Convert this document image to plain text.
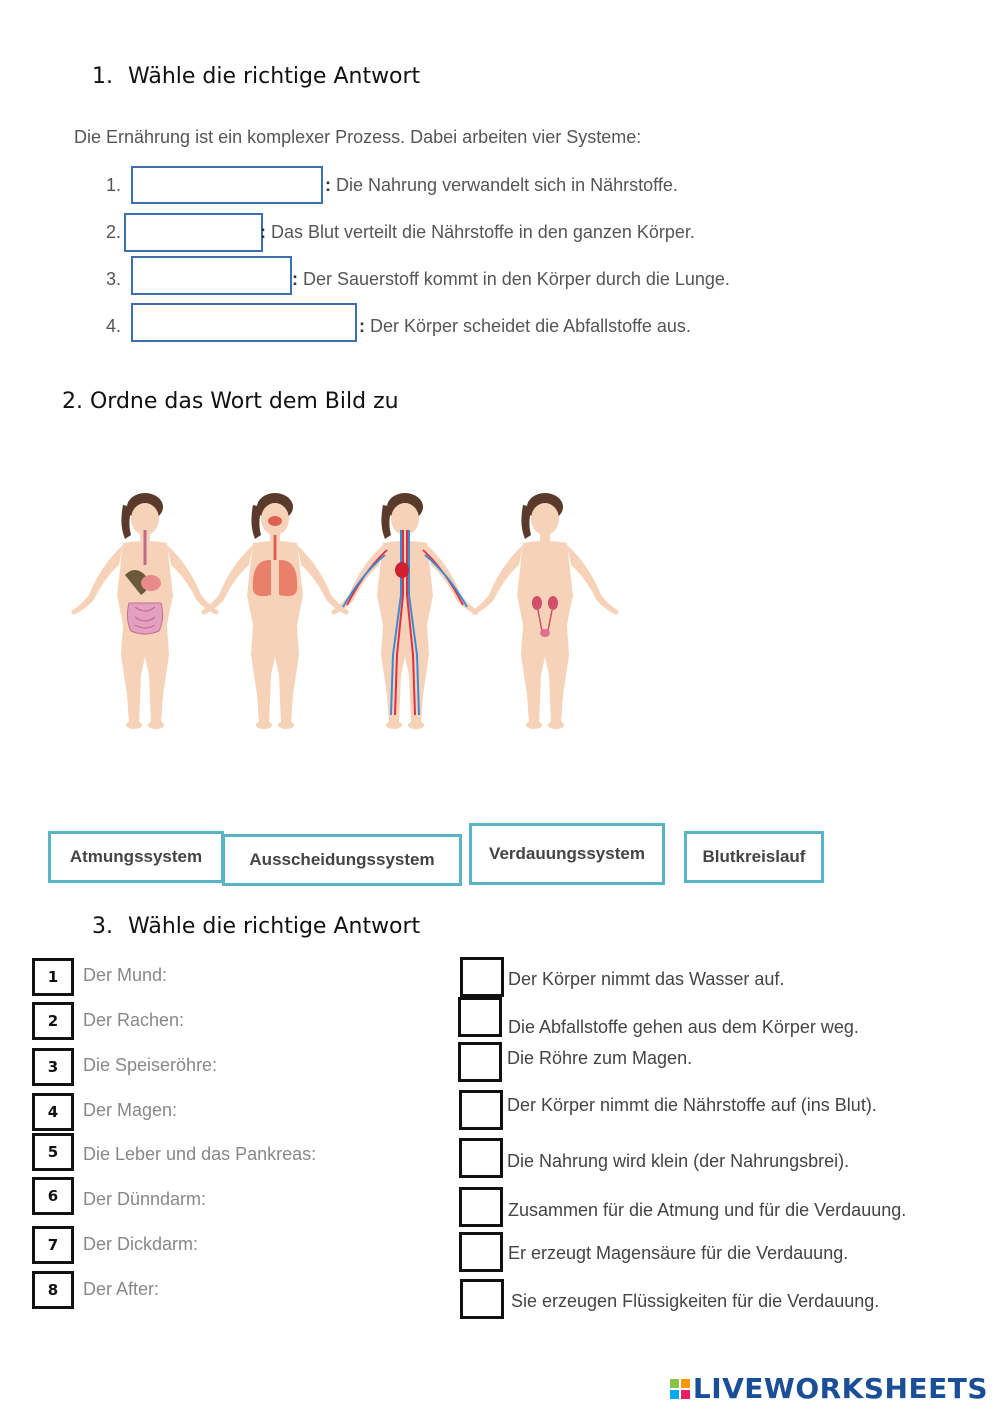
1. Wähle die richtige Antwort
Die Ernährung ist ein komplexer Prozess. Dabei arbeiten vier Systeme:
1.	: Die Nahrung verwandelt sich in Nährstoffe.
2.	: Das Blut verteilt die Nährstoffe in den ganzen Körper.
3.	: Der Sauerstoff kommt in den Körper durch die Lunge.
4.	: Der Körper scheidet die Abfallstoffe aus.
2. Ordne das Wort dem Bild zu
Atmungssystem	Ausscheidungssystem	Verdauungssystem	Blutkreislauf
3. Wähle die richtige Antwort
1	Der Mund:
2	Der Rachen:
3	Die Speiseröhre:
4	Der Magen:
5	Die Leber und das Pankreas:
6	Der Dünndarm:
7	Der Dickdarm:
8	Der After:
Der Körper nimmt das Wasser auf.
Die Abfallstoffe gehen aus dem Körper weg.
Die Röhre zum Magen.
Der Körper nimmt die Nährstoffe auf (ins Blut).
Die Nahrung wird klein (der Nahrungsbrei).
Zusammen für die Atmung und für die Verdauung.
Er erzeugt Magensäure für die Verdauung.
Sie erzeugen Flüssigkeiten für die Verdauung.
LIVEWORKSHEETS
